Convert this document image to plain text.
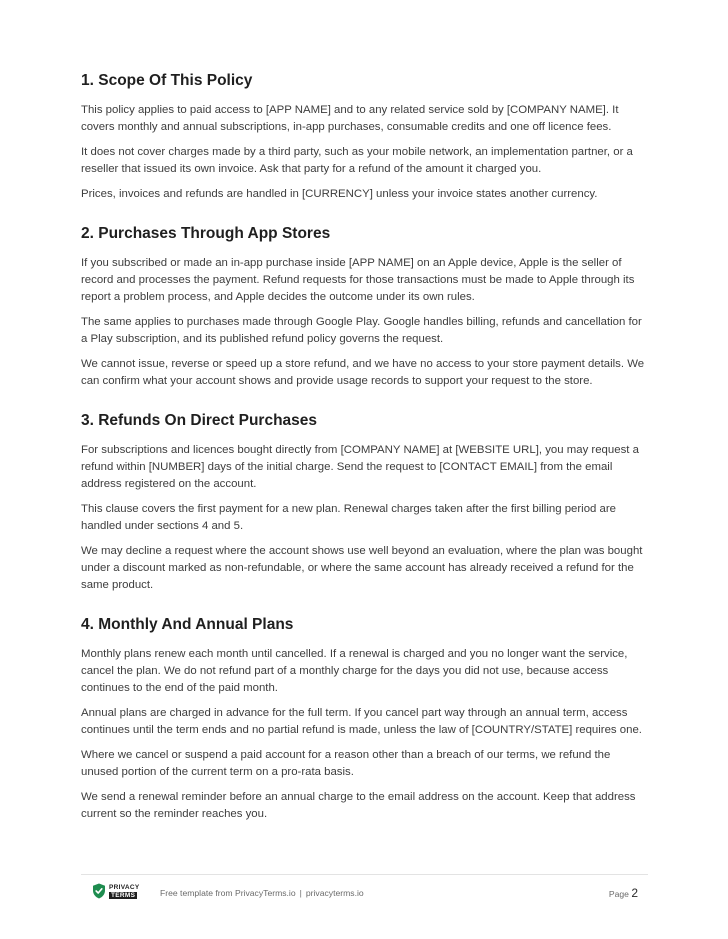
1. Scope Of This Policy

This policy applies to paid access to [APP NAME] and to any related service sold by [COMPANY NAME]. It covers monthly and annual subscriptions, in-app purchases, consumable credits and one off licence fees.

It does not cover charges made by a third party, such as your mobile network, an implementation partner, or a reseller that issued its own invoice. Ask that party for a refund of the amount it charged you.

Prices, invoices and refunds are handled in [CURRENCY] unless your invoice states another currency.

2. Purchases Through App Stores

If you subscribed or made an in-app purchase inside [APP NAME] on an Apple device, Apple is the seller of record and processes the payment. Refund requests for those transactions must be made to Apple through its report a problem process, and Apple decides the outcome under its own rules.

The same applies to purchases made through Google Play. Google handles billing, refunds and cancellation for a Play subscription, and its published refund policy governs the request.

We cannot issue, reverse or speed up a store refund, and we have no access to your store payment details. We can confirm what your account shows and provide usage records to support your request to the store.

3. Refunds On Direct Purchases

For subscriptions and licences bought directly from [COMPANY NAME] at [WEBSITE URL], you may request a refund within [NUMBER] days of the initial charge. Send the request to [CONTACT EMAIL] from the email address registered on the account.

This clause covers the first payment for a new plan. Renewal charges taken after the first billing period are handled under sections 4 and 5.

We may decline a request where the account shows use well beyond an evaluation, where the plan was bought under a discount marked as non-refundable, or where the same account has already received a refund for the same product.

4. Monthly And Annual Plans

Monthly plans renew each month until cancelled. If a renewal is charged and you no longer want the service, cancel the plan. We do not refund part of a monthly charge for the days you did not use, because access continues to the end of the paid month.

Annual plans are charged in advance for the full term. If you cancel part way through an annual term, access continues until the term ends and no partial refund is made, unless the law of [COUNTRY/STATE] requires one.

Where we cancel or suspend a paid account for a reason other than a breach of our terms, we refund the unused portion of the current term on a pro-rata basis.

We send a renewal reminder before an annual charge to the email address on the account. Keep that address current so the reminder reaches you.

PRIVACY
TERMS	Free template from PrivacyTerms.io | privacyterms.io	Page 2
